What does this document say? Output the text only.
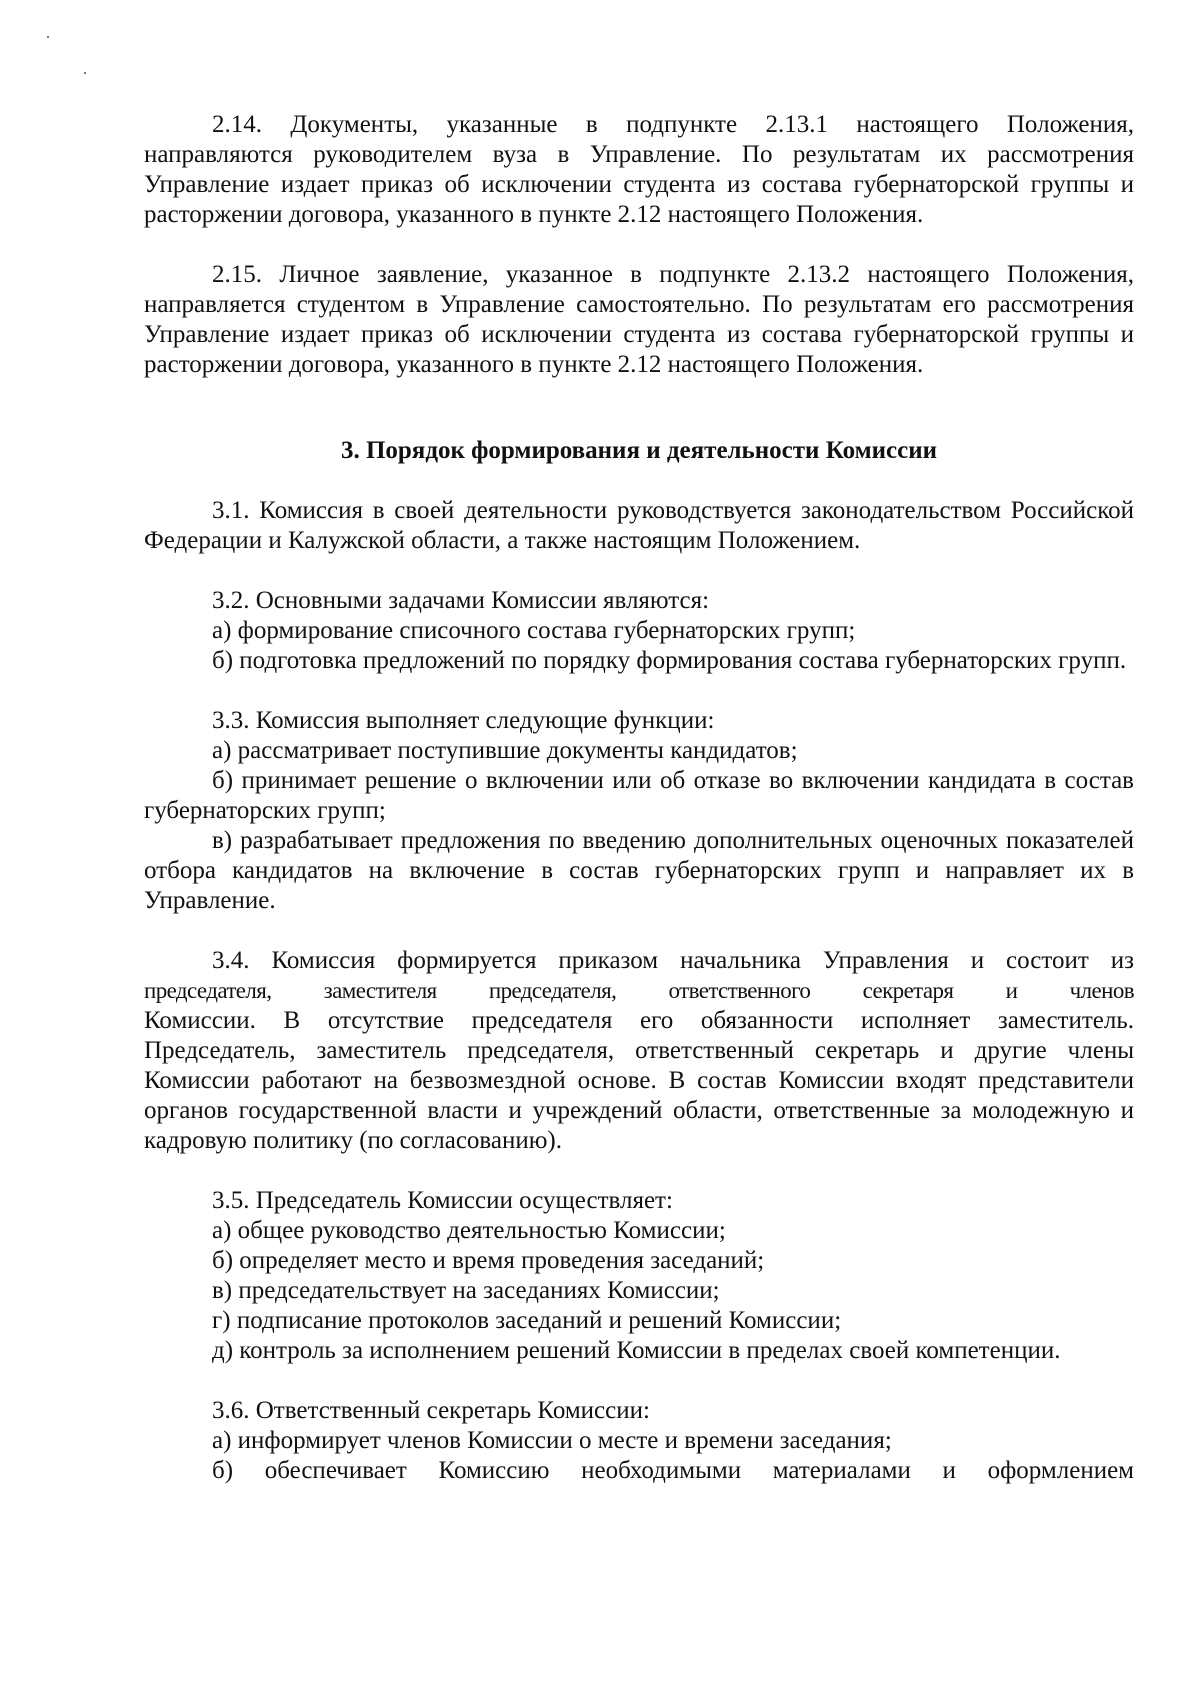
2.14. Документы, указанные в подпункте 2.13.1 настоящего Положения, направляются руководителем вуза в Управление. По результатам их рассмотрения Управление издает приказ об исключении студента из состава губернаторской группы и расторжении договора, указанного в пункте 2.12 настоящего Положения.

2.15. Личное заявление, указанное в подпункте 2.13.2 настоящего Положения, направляется студентом в Управление самостоятельно. По результатам его рассмотрения Управление издает приказ об исключении студента из состава губернаторской группы и расторжении договора, указанного в пункте 2.12 настоящего Положения.

3. Порядок формирования и деятельности Комиссии

3.1. Комиссия в своей деятельности руководствуется законодательством Российской Федерации и Калужской области, а также настоящим Положением.

3.2. Основными задачами Комиссии являются:

а) формирование списочного состава губернаторских групп;

б) подготовка предложений по порядку формирования состава губернаторских групп.

3.3. Комиссия выполняет следующие функции:

а) рассматривает поступившие документы кандидатов;

б) принимает решение о включении или об отказе во включении кандидата в состав губернаторских групп;

в) разрабатывает предложения по введению дополнительных оценочных показателей отбора кандидатов на включение в состав губернаторских групп и направляет их в Управление.

3.4. Комиссия формируется приказом начальника Управления и состоит из

председателя, заместителя председателя, ответственного секретаря и членов

Комиссии. В отсутствие председателя его обязанности исполняет заместитель. Председатель, заместитель председателя, ответственный секретарь и другие члены Комиссии работают на безвозмездной основе. В состав Комиссии входят представители органов государственной власти и учреждений области, ответственные за молодежную и кадровую политику (по согласованию).

3.5. Председатель Комиссии осуществляет:

а) общее руководство деятельностью Комиссии;

б) определяет место и время проведения заседаний;

в) председательствует на заседаниях Комиссии;

г) подписание протоколов заседаний и решений Комиссии;

д) контроль за исполнением решений Комиссии в пределах своей компетенции.

3.6. Ответственный секретарь Комиссии:

а) информирует членов Комиссии о месте и времени заседания;

б) обеспечивает Комиссию необходимыми материалами и оформлением
